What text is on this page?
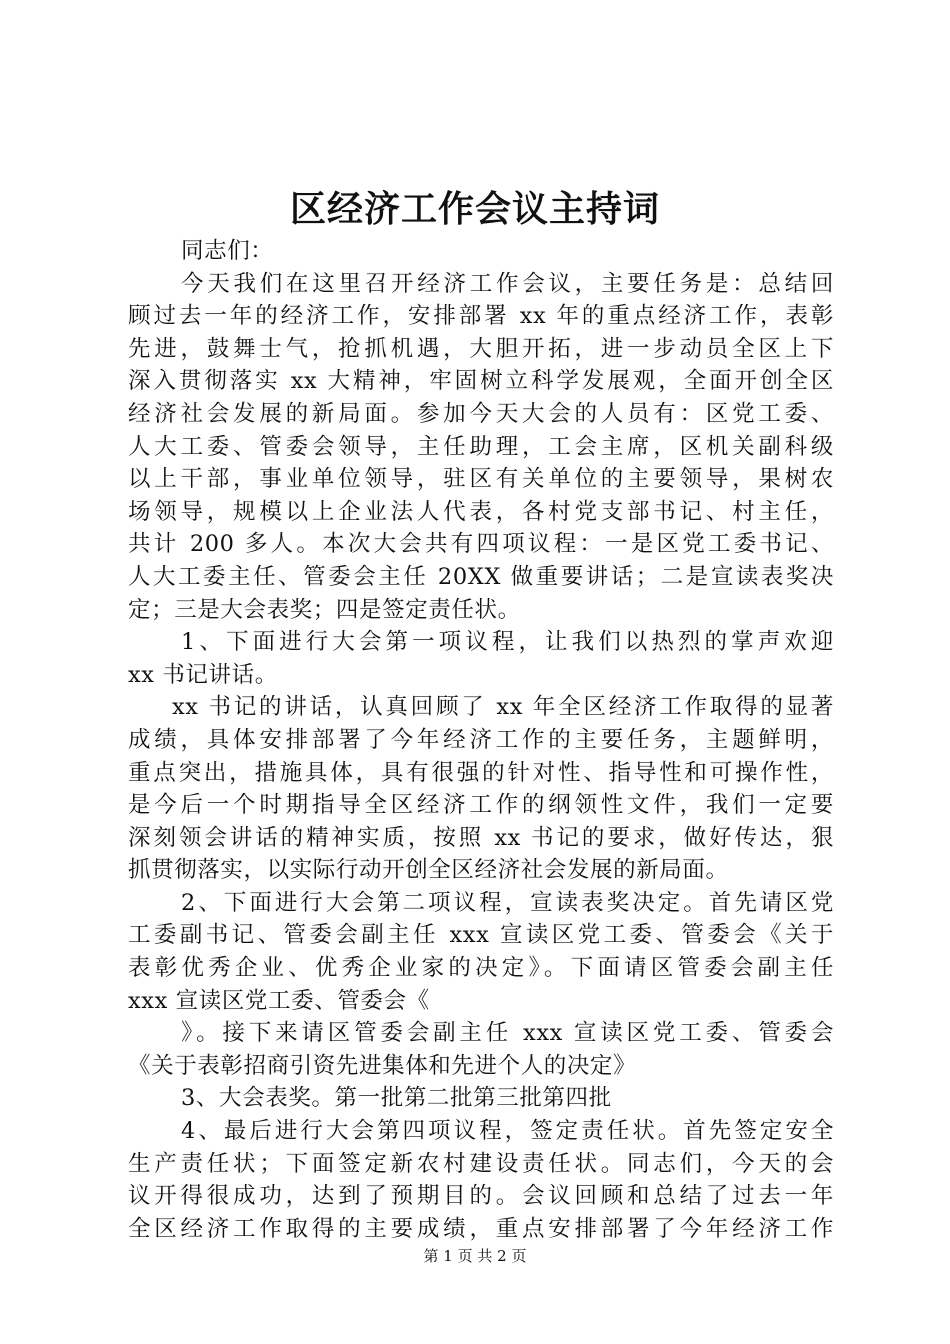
区经济工作会议主持词
同志们：
今天我们在这里召开经济工作会议，主要任务是：总结回
顾过去一年的经济工作，安排部署 xx 年的重点经济工作，表彰
先进，鼓舞士气，抢抓机遇，大胆开拓，进一步动员全区上下
深入贯彻落实 xx 大精神，牢固树立科学发展观，全面开创全区
经济社会发展的新局面。参加今天大会的人员有：区党工委、
人大工委、管委会领导，主任助理，工会主席，区机关副科级
以上干部，事业单位领导，驻区有关单位的主要领导，果树农
场领导，规模以上企业法人代表，各村党支部书记、村主任，
共计 200 多人。本次大会共有四项议程：一是区党工委书记、
人大工委主任、管委会主任 20XX 做重要讲话；二是宣读表奖决
定；三是大会表奖；四是签定责任状。
1、下面进行大会第一项议程，让我们以热烈的掌声欢迎
xx 书记讲话。
xx 书记的讲话，认真回顾了 xx 年全区经济工作取得的显著
成绩，具体安排部署了今年经济工作的主要任务，主题鲜明，
重点突出，措施具体，具有很强的针对性、指导性和可操作性，
是今后一个时期指导全区经济工作的纲领性文件，我们一定要
深刻领会讲话的精神实质，按照 xx 书记的要求，做好传达，狠
抓贯彻落实，以实际行动开创全区经济社会发展的新局面。
2、下面进行大会第二项议程，宣读表奖决定。首先请区党
工委副书记、管委会副主任 xxx 宣读区党工委、管委会《关于
表彰优秀企业、优秀企业家的决定》。下面请区管委会副主任
xxx 宣读区党工委、管委会《
》。接下来请区管委会副主任 xxx 宣读区党工委、管委会
《关于表彰招商引资先进集体和先进个人的决定》
3、大会表奖。第一批第二批第三批第四批
4、最后进行大会第四项议程，签定责任状。首先签定安全
生产责任状；下面签定新农村建设责任状。同志们，今天的会
议开得很成功，达到了预期目的。会议回顾和总结了过去一年
全区经济工作取得的主要成绩，重点安排部署了今年经济工作
第 1 页 共 2 页
